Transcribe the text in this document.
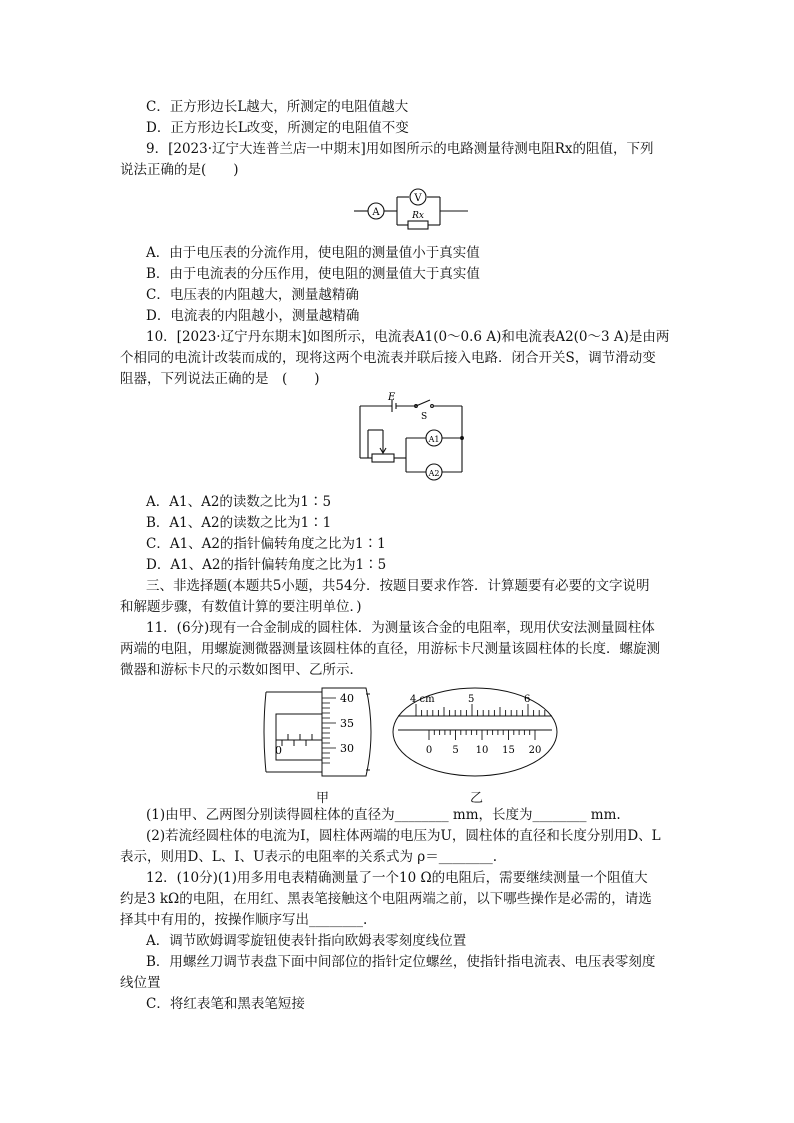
C．正方形边长L越大，所测定的电阻值越大
D．正方形边长L改变，所测定的电阻值不变
9．[2023·辽宁大连普兰店一中期末]用如图所示的电路测量待测电阻Rx的阻值，下列
说法正确的是(　　)
A
V
Rx
A．由于电压表的分流作用，使电阻的测量值小于真实值
B．由于电流表的分压作用，使电阻的测量值大于真实值
C．电压表的内阻越大，测量越精确
D．电流表的内阻越小，测量越精确
10．[2023·辽宁丹东期末]如图所示，电流表A1(0～0.6 A)和电流表A2(0～3 A)是由两
个相同的电流计改装而成的，现将这两个电流表并联后接入电路．闭合开关S，调节滑动变
阻器，下列说法正确的是　(　　)
E
S
A1
A2
A．A1、A2的读数之比为1∶5
B．A1、A2的读数之比为1∶1
C．A1、A2的指针偏转角度之比为1∶1
D．A1、A2的指针偏转角度之比为1∶5
三、非选择题(本题共5小题，共54分．按题目要求作答．计算题要有必要的文字说明
和解题步骤，有数值计算的要注明单位．)
11．(6分)现有一合金制成的圆柱体．为测量该合金的电阻率，现用伏安法测量圆柱体
两端的电阻，用螺旋测微器测量该圆柱体的直径，用游标卡尺测量该圆柱体的长度．螺旋测
微器和游标卡尺的示数如图甲、乙所示．
40
35
30
0
甲
4 cm	5	6
0 5 10 15 20
乙
(1)由甲、乙两图分别读得圆柱体的直径为________ mm，长度为________ mm.
(2)若流经圆柱体的电流为I，圆柱体两端的电压为U，圆柱体的直径和长度分别用D、L
表示，则用D、L、I、U表示的电阻率的关系式为 ρ＝________.
12．(10分)(1)用多用电表精确测量了一个10 Ω的电阻后，需要继续测量一个阻值大
约是3 kΩ的电阻，在用红、黑表笔接触这个电阻两端之前，以下哪些操作是必需的，请选
择其中有用的，按操作顺序写出________.
A．调节欧姆调零旋钮使表针指向欧姆表零刻度线位置
B．用螺丝刀调节表盘下面中间部位的指针定位螺丝，使指针指电流表、电压表零刻度
线位置
C．将红表笔和黑表笔短接
